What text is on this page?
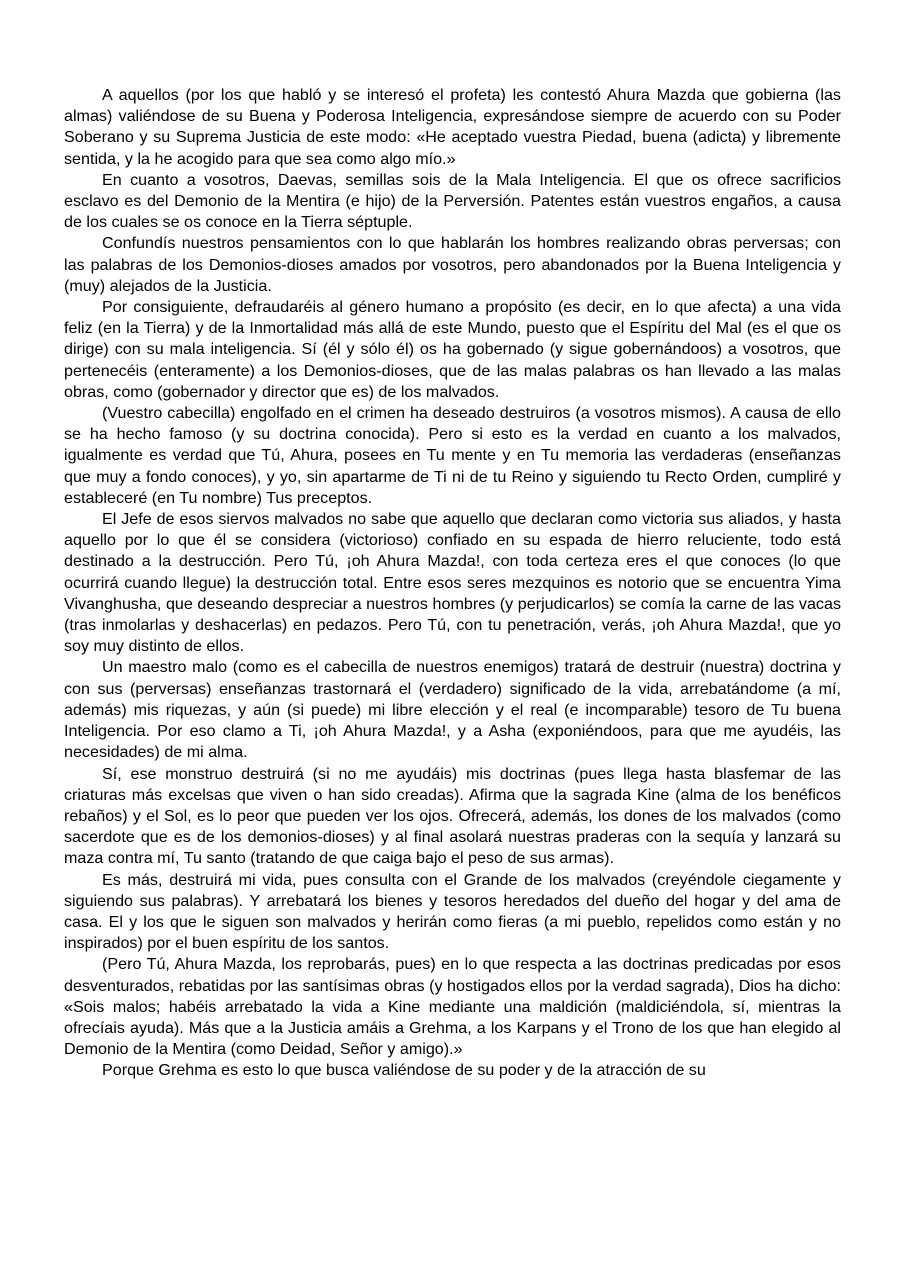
A aquellos (por los que habló y se interesó el profeta) les contestó Ahura Mazda que gobierna (las almas) valiéndose de su Buena y Poderosa Inteligencia, expresándose siempre de acuerdo con su Poder Soberano y su Suprema Justicia de este modo: «He aceptado vuestra Piedad, buena (adicta) y libremente sentida, y la he acogido para que sea como algo mío.»

En cuanto a vosotros, Daevas, semillas sois de la Mala Inteligencia. El que os ofrece sacrificios esclavo es del Demonio de la Mentira (e hijo) de la Perversión. Patentes están vuestros engaños, a causa de los cuales se os conoce en la Tierra séptuple.

Confundís nuestros pensamientos con lo que hablarán los hombres realizando obras perversas; con las palabras de los Demonios-dioses amados por vosotros, pero abandonados por la Buena Inteligencia y (muy) alejados de la Justicia.

Por consiguiente, defraudaréis al género humano a propósito (es decir, en lo que afecta) a una vida feliz (en la Tierra) y de la Inmortalidad más allá de este Mundo, puesto que el Espíritu del Mal (es el que os dirige) con su mala inteligencia. Sí (él y sólo él) os ha gobernado (y sigue gobernándoos) a vosotros, que pertenecéis (enteramente) a los Demonios-dioses, que de las malas palabras os han llevado a las malas obras, como (gobernador y director que es) de los malvados.

(Vuestro cabecilla) engolfado en el crimen ha deseado destruiros (a vosotros mismos). A causa de ello se ha hecho famoso (y su doctrina conocida). Pero si esto es la verdad en cuanto a los malvados, igualmente es verdad que Tú, Ahura, posees en Tu mente y en Tu memoria las verdaderas (enseñanzas que muy a fondo conoces), y yo, sin apartarme de Ti ni de tu Reino y siguiendo tu Recto Orden, cumpliré y estableceré (en Tu nombre) Tus preceptos.

El Jefe de esos siervos malvados no sabe que aquello que declaran como victoria sus aliados, y hasta aquello por lo que él se considera (victorioso) confiado en su espada de hierro reluciente, todo está destinado a la destrucción. Pero Tú, ¡oh Ahura Mazda!, con toda certeza eres el que conoces (lo que ocurrirá cuando llegue) la destrucción total. Entre esos seres mezquinos es notorio que se encuentra Yima Vivanghusha, que deseando despreciar a nuestros hombres (y perjudicarlos) se comía la carne de las vacas (tras inmolarlas y deshacerlas) en pedazos. Pero Tú, con tu penetración, verás, ¡oh Ahura Mazda!, que yo soy muy distinto de ellos.

Un maestro malo (como es el cabecilla de nuestros enemigos) tratará de destruir (nuestra) doctrina y con sus (perversas) enseñanzas trastornará el (verdadero) significado de la vida, arrebatándome (a mí, además) mis riquezas, y aún (si puede) mi libre elección y el real (e incomparable) tesoro de Tu buena Inteligencia. Por eso clamo a Ti, ¡oh Ahura Mazda!, y a Asha (exponiéndoos, para que me ayudéis, las necesidades) de mi alma.

Sí, ese monstruo destruirá (si no me ayudáis) mis doctrinas (pues llega hasta blasfemar de las criaturas más excelsas que viven o han sido creadas). Afirma que la sagrada Kine (alma de los benéficos rebaños) y el Sol, es lo peor que pueden ver los ojos. Ofrecerá, además, los dones de los malvados (como sacerdote que es de los demonios-dioses) y al final asolará nuestras praderas con la sequía y lanzará su maza contra mí, Tu santo (tratando de que caiga bajo el peso de sus armas).

Es más, destruirá mi vida, pues consulta con el Grande de los malvados (creyéndole ciegamente y siguiendo sus palabras). Y arrebatará los bienes y tesoros heredados del dueño del hogar y del ama de casa. El y los que le siguen son malvados y herirán como fieras (a mi pueblo, repelidos como están y no inspirados) por el buen espíritu de los santos.

(Pero Tú, Ahura Mazda, los reprobarás, pues) en lo que respecta a las doctrinas predicadas por esos desventurados, rebatidas por las santísimas obras (y hostigados ellos por la verdad sagrada), Dios ha dicho: «Sois malos; habéis arrebatado la vida a Kine mediante una maldición (maldiciéndola, sí, mientras la ofrecíais ayuda). Más que a la Justicia amáis a Grehma, a los Karpans y el Trono de los que han elegido al Demonio de la Mentira (como Deidad, Señor y amigo).»

Porque Grehma es esto lo que busca valiéndose de su poder y de la atracción de su
